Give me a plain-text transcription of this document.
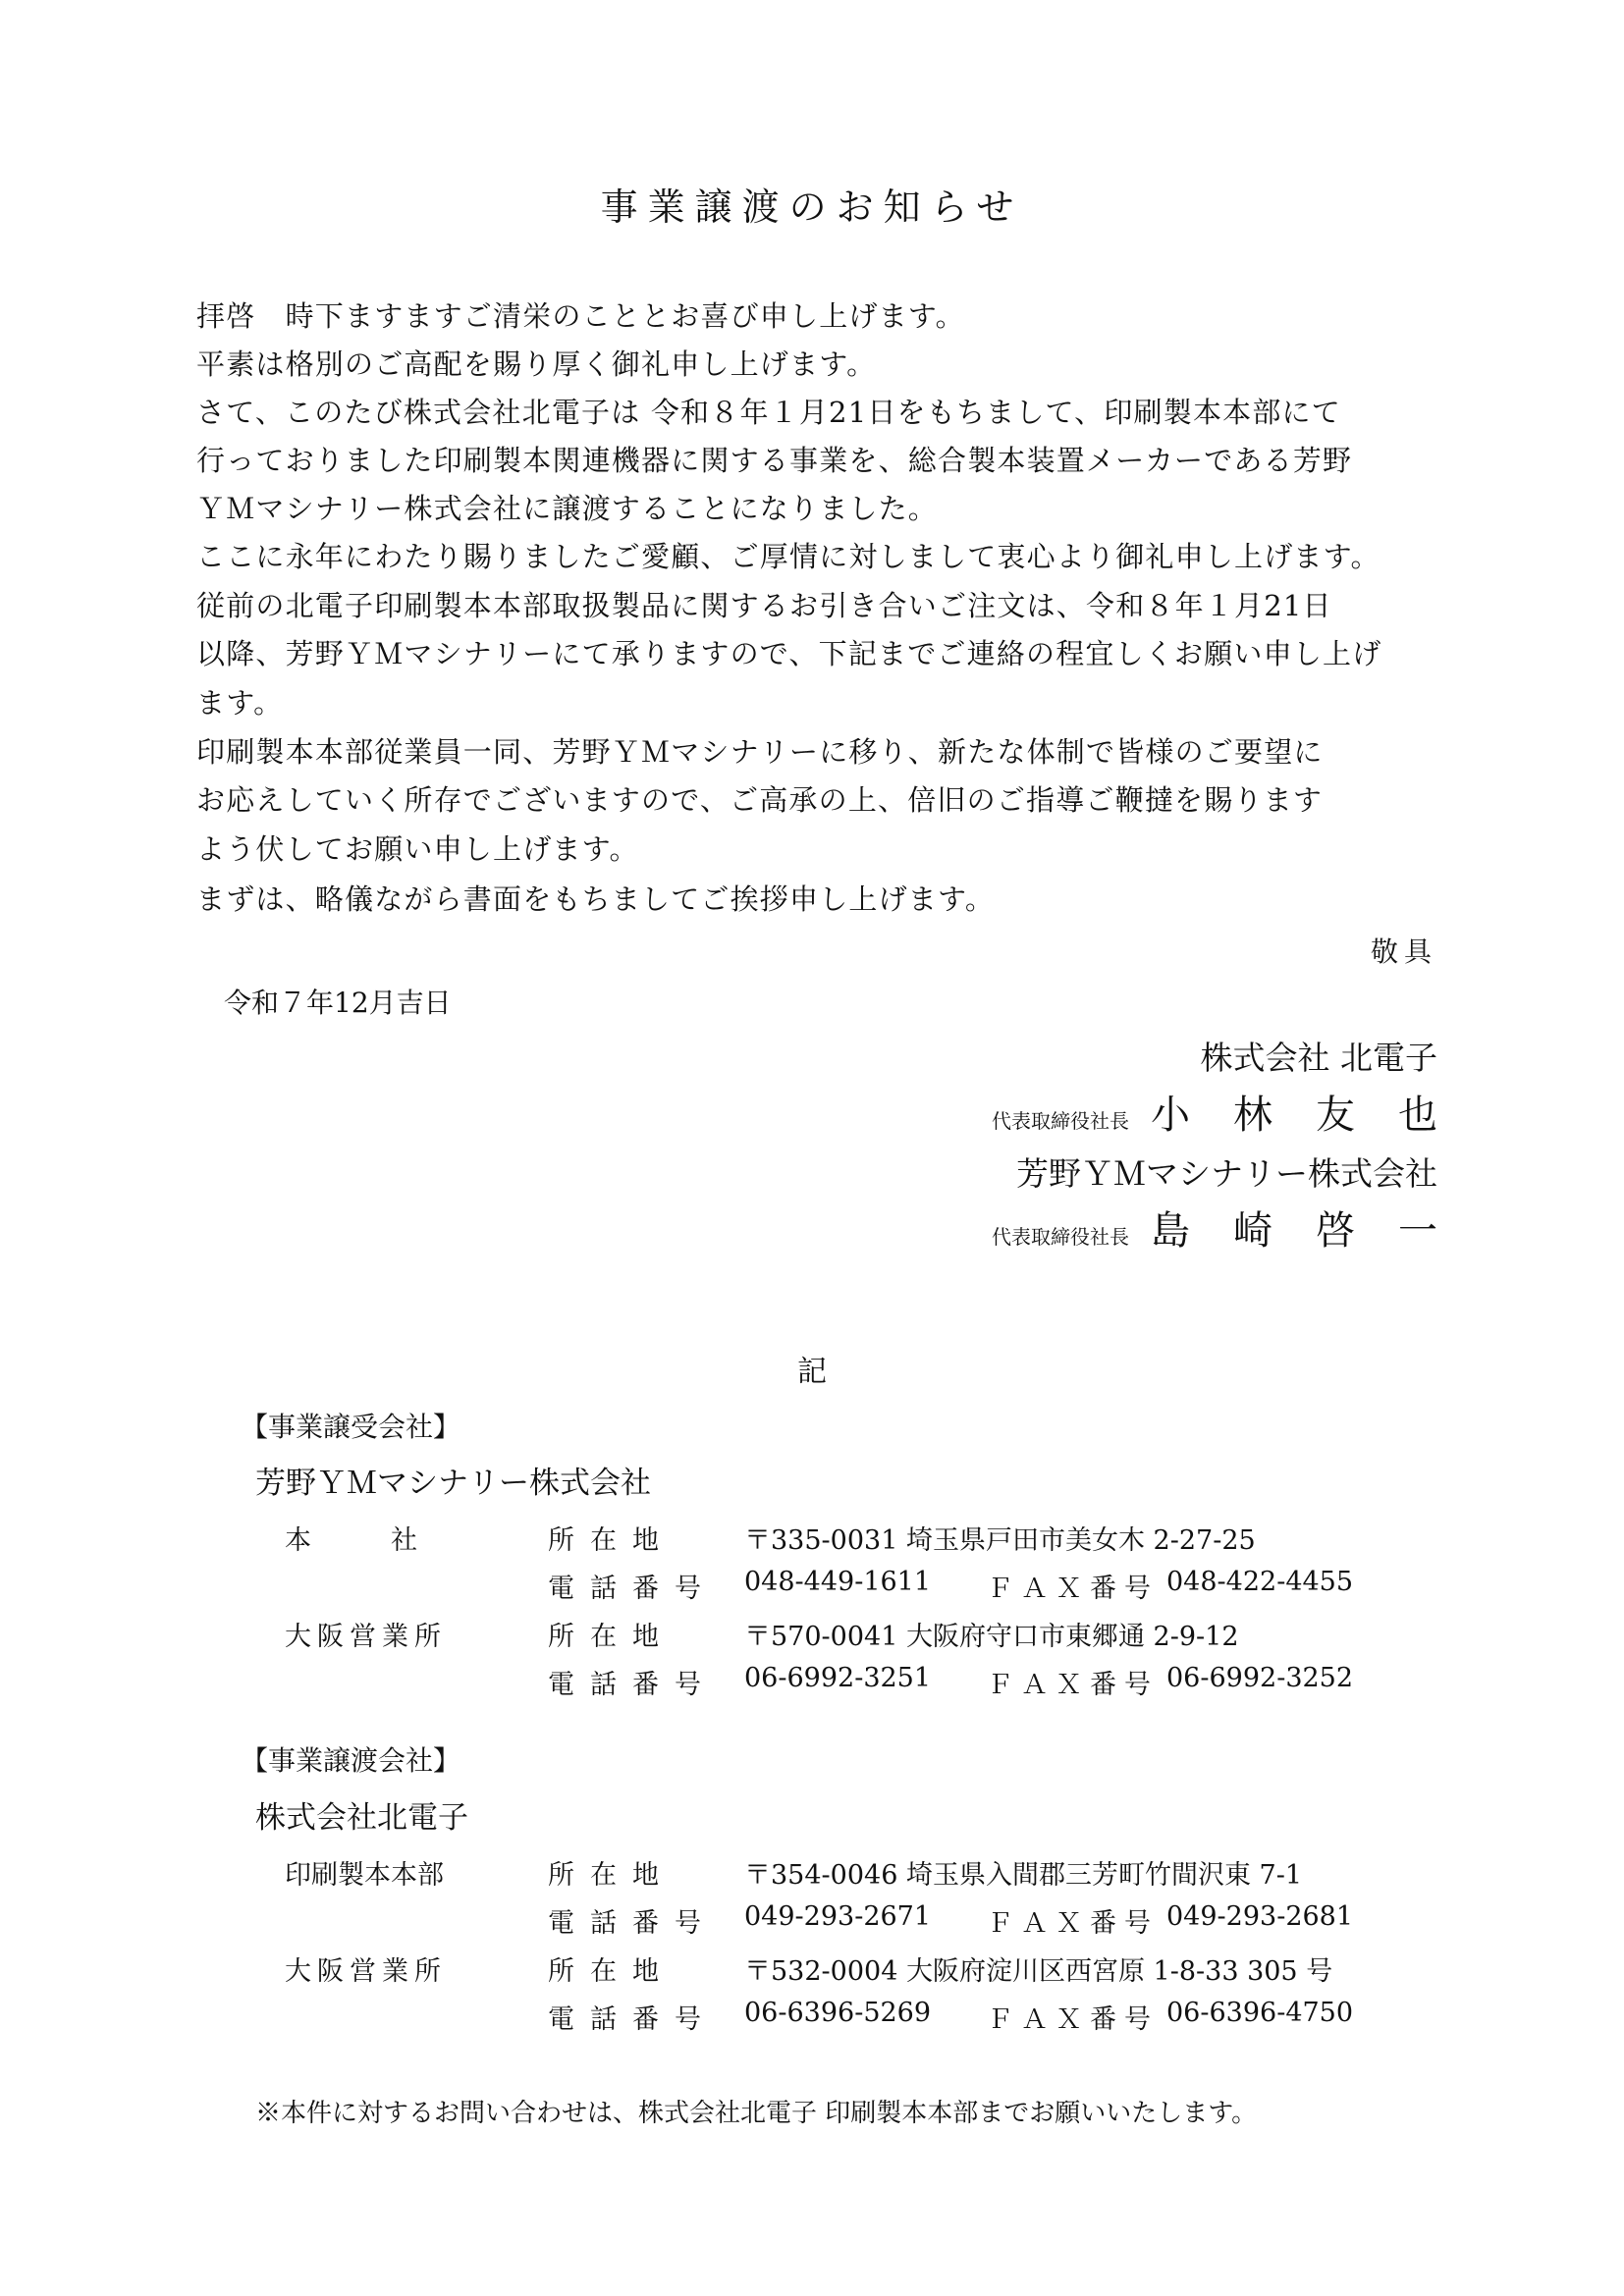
事業譲渡のお知らせ
拝啓　時下ますますご清栄のこととお喜び申し上げます。
平素は格別のご高配を賜り厚く御礼申し上げます。
さて、このたび株式会社北電子は 令和８年１月21日をもちまして、印刷製本本部にて
行っておりました印刷製本関連機器に関する事業を、総合製本装置メーカーである芳野
ＹＭマシナリー株式会社に譲渡することになりました。
ここに永年にわたり賜りましたご愛顧、ご厚情に対しまして衷心より御礼申し上げます。
従前の北電子印刷製本本部取扱製品に関するお引き合いご注文は、令和８年１月21日
以降、芳野ＹＭマシナリーにて承りますので、下記までご連絡の程宜しくお願い申し上げ
ます。
印刷製本本部従業員一同、芳野ＹＭマシナリーに移り、新たな体制で皆様のご要望に
お応えしていく所存でございますので、ご高承の上、倍旧のご指導ご鞭撻を賜ります
よう伏してお願い申し上げます。
まずは、略儀ながら書面をもちましてご挨拶申し上げます。
敬具
令和７年12月吉日
株式会社 北電子
代表取締役社長 小林友也
芳野ＹＭマシナリー株式会社
代表取締役社長 島崎啓一
記
【事業譲受会社】
芳野ＹＭマシナリー株式会社
本　　　社	所在地	〒335-0031 埼玉県戸田市美女木 2-27-25
電話番号 048-449-1611 ＦＡＸ番号 048-422-4455
大阪営業所	所在地	〒570-0041 大阪府守口市東郷通 2-9-12
電話番号 06-6992-3251 ＦＡＸ番号 06-6992-3252
【事業譲渡会社】
株式会社北電子
印刷製本本部	所在地	〒354-0046 埼玉県入間郡三芳町竹間沢東 7-1
電話番号 049-293-2671 ＦＡＸ番号 049-293-2681
大阪営業所	所在地	〒532-0004 大阪府淀川区西宮原 1-8-33 305 号
電話番号 06-6396-5269 ＦＡＸ番号 06-6396-4750
※本件に対するお問い合わせは、株式会社北電子 印刷製本本部までお願いいたします。
